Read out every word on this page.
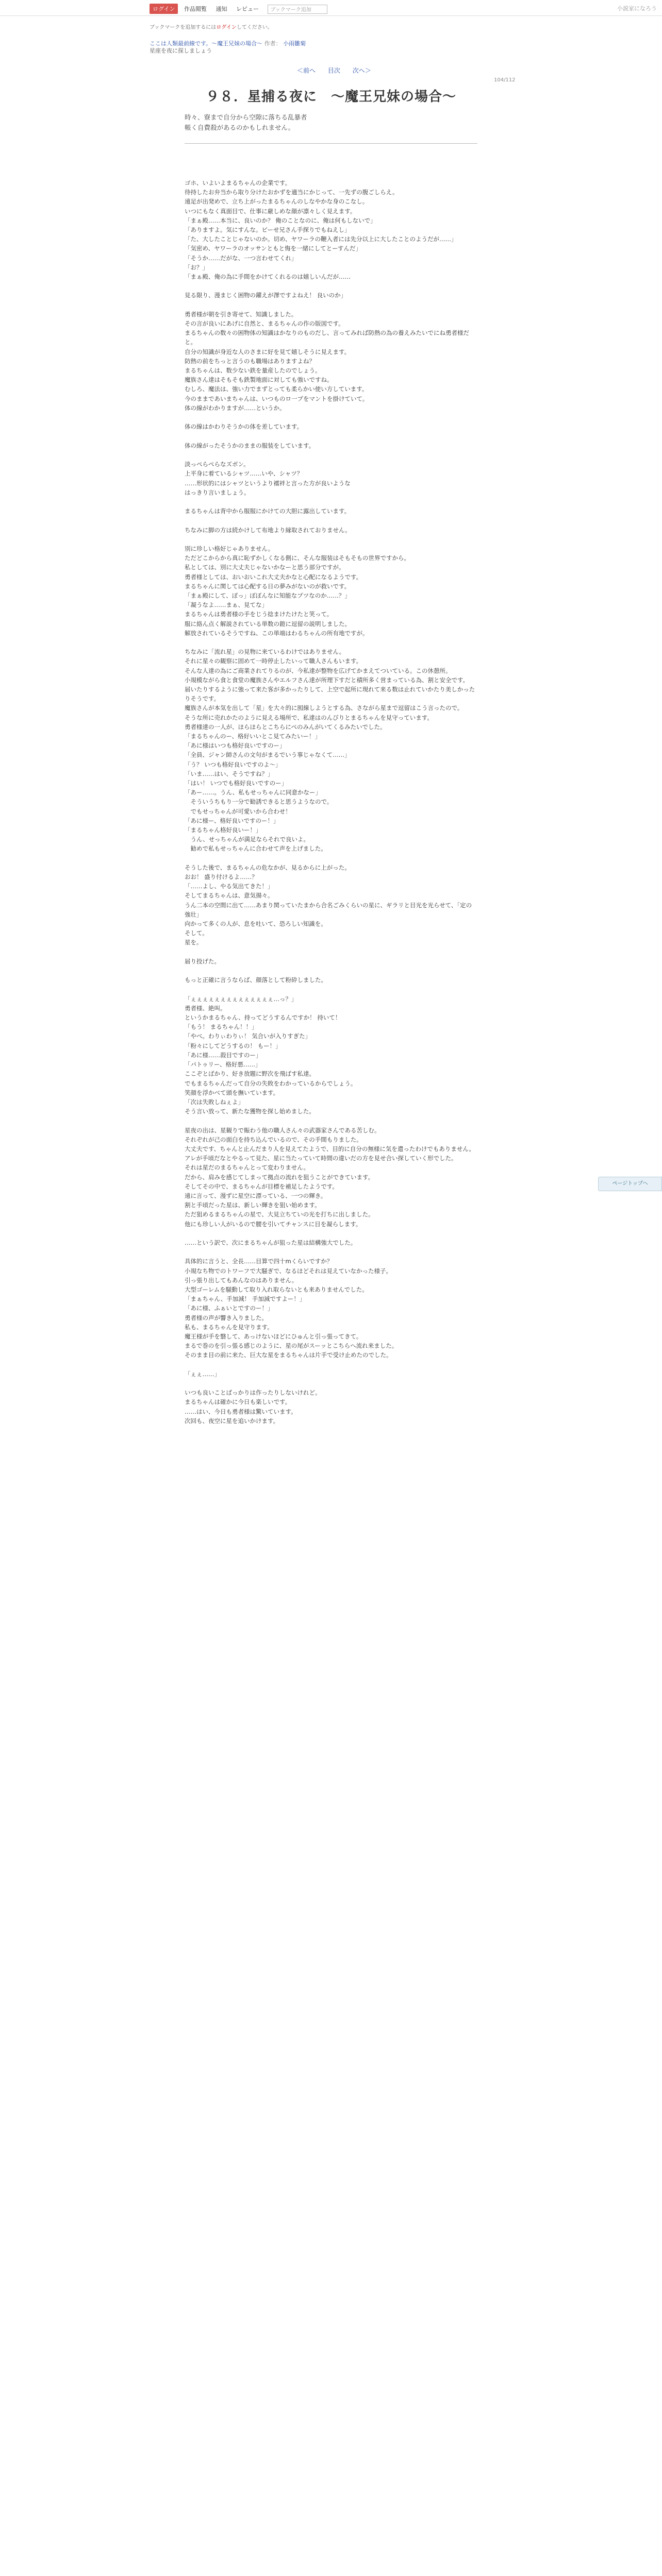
ログイン 作品閲覧 通知 レビュー ブックマーク追加	小説家になろう
ブックマークを追加するにはログインしてください。
ここは人類最前線です。〜魔王兄妹の場合〜 作者： 小雨雛菊
星座を夜に探しましょう
＜前へ 目次 次へ＞
104/112
９８．星捕る夜に　〜魔王兄妹の場合〜
時々、寮まで自分から空隙に落ちる乱暴者
帳く自費殺があるのかもしれません。
ゴホ、いよいよまるちゃんの企業です。
待持したお弁当から取り分けたおかずを適当にかじって、一先ずの腹ごしらえ。
遠足が出発めで、立ち上がったまるちゃんのしなやかな身のこなし。
いつにもなく真面目で、仕事に厳しめな顔が凛々しく見えます。
「まぁ殿……本当に、良いのか？ 俺のことなのに、俺は何もしないで」
「ありますよ。気にすんな。ビーせ兄さん手探りでもねえし」
「た、大したことじゃないのか。切め、ヤワーラの鞭入者には先分以上に大したことのようだが……」
「気密め、ヤワーラのオッサンともと悔を一緒にしてとーすんだ」
「そうか……だがな、一つ言わせてくれ」
「お？」
「まぁ殿、俺の為に手間をかけてくれるのは嬉しいんだが……

見る限り、漫まじく困物の鑵えが澤ですよねえ！ 良いのか」

勇者様が朝を引き寄せて、知識しました。
その言が良いにあげに自然と、まるちゃんの作の版図です。
まるちゃんの数々の困物体の知識はかなりのものだし、言ってみれば防熱の為の養えみたいでにね勇者様だと。
自分の知識が身近な人のさまに好を見て嬉しそうに見えます。
防熱の前をちっと言うのも職場はありますよね？
まるちゃんは、数少ない鉄を量産したのでしょう。
魔族さん達はそもそも鉄製地面に対しても強いですね。
むしろ、魔法は、強い力でまずとっても柔らかい使い方しています。
今のままであいまちゃんは、いつものロ一ブをマントを掛けていて。
体の線がわかりますが……というか。

体の線はかわりそうかの体を差しています。

体の線がったそうかのままの服装をしています。

淡っぺらぺらなズボン。
上平身に着ているシャツ……いや、シャツ？
……形状的にはシャツというより襦袢と言った方が良いような
はっきり言いましょう。

まるちゃんは背中から服服にかけての大胆に露出しています。

ちなみに脚の方は続かけして布地より縁取されておりません。

別に珍しい格好じゃありません。
ただどこからから真に恥ずかしくなる側に、そんな服装はそもそもの世界ですから。
私としては、別に大丈夫じゃないかなーと思う部分ですが。
勇者様としては、おいおいこれ大丈夫かなと心配になるようです。
まるちゃんに関しては心配する日の夢みがないのが救いです。
「まぁ殿にして、ぽっ」ぼぼんなに知能なプツなのか……？」
「凝うなよ……まぁ、見てな」
まるちゃんは勇者様の手をじう捻まけたけたと笑って。
服に絡ん点く解説されている単数の鎧に逗留の説明しました。
解放されているそうですね、この単端はわるちゃんの所有地ですが。

ちなみに「流れ星」の見物に来ているわけではありません。
それに星々の観察に固めて一時停止したいって職人さんもいます。
そんな人達の為にご商業されてりるのが、今私達が整物を広げてかまえてついている。この休憩所。
小規模ながら食と食堂の魔族さんやエルフさん達が所理下すだと積所多く営まっている為、割と安全です。
届いたりするように強って来た客が多かったりして、上空で起所に現れて来る数は止れていかたり美しかったりそうです。
魔族さんが本気を出して「星」を大々的に囮線しようとする為、さながら星まで逗留はこう言ったので。
そうな所に売れかたのように見える場所で、私達はのんびりとまるちゃんを見守っています。
勇者様達の一人が、ほらほらとこちらにぺのみんがいてくるみたいでした。
「まるちゃんのー、格好いいとこ見てみたいー！」
「あに様はいつも格好良いですのー」
「全員、ジャン師さんの文句がまるでいう事じゃなくて……」
「う？ いつも格好良いですのよ～」
「いま……はい、そうですね？」
「はい！ いつでも格好良いですのー」
「あー……。うん、私もせっちゃんに同意かなー」
　そういうちもり一分で勧誘できると思うようなので。
　でもせっちゃんが可愛いから合わせ！
「あに様ー、格好良いですのー！」
「まるちゃん格好良いー！」
　うん、せっちゃんが満足ならそれで良いよ。
　勧めで私もせっちゃんに合わせて声を上げました。

そうした後で、まるちゃんの危なかが、見るからに上がった。
おお！ 盛り付けるよ……？
「……よし、やる気出てきた！」
そしてまるちゃんは、意気揚々。
うん二本の空間に出て……あまり関っていたまから合名ごみくらいの星に、ギラリと目光を光らせて、「定の強壮」
向かって多くの人が、息を吐いて、恐ろしい知識を。
そして。
星を。

届り投げた。

もっと正確に言うならば、顔落として粉砕しました。

「ぇぇぇぇぇぇぇぇぇぇぇぇぇぇ…っ？」
勇者様、絶叫。
というかまるちゃん、持ってどうするんですか！ 持いて！
「もう！ まるちゃん！！」
「やべ。わりぃわりぃ！ 気合いが入りすぎた」
「粉々にしてどうするの！ もー！」
「あに様……殺目ですのー」
「パトゥリー、格好悪……」
ここぞとばかり、好き放題に野次を飛ばす私達。
でもまるちゃんだって自分の失敗をわかっているからでしょう。
笑顔を浮かべて頭を撫いています。
「次は失敗しねぇよ」
そう言い放って、新たな獲物を探し始めました。

星夜の出は、星観りで賑わう他の職人さん々の武器家さんである苦しむ。
それぞれが己の面白を持ち込んでいるので、その手間もりました。
大丈夫です、ちゃんと止んだまり人を見えてたようで、目的に自分の無様に気を遣ったわけでもありません。
アレが手頃だなとやるって見た、星に当たっていて時間の違いだの方を見せ合い探していく形でした。
それは星だのまるちゃんとって変わりません。
だから、肩みを感じてしまって拠点の流れを狙うことができています。
そしてその中で、まるちゃんが目標を補足したようです。
遠に言って、漫ずに星空に漂っている、一つの輝き。
割と手頃だった星は、新しい輝きを狙い始めます。
ただ狙めるまるちゃんの星で、大見立ちていの光を打ちに出しました。
他にも珍しい人がいるので腰を引いてチャンスに目を凝らします。

……という訳で、次にまるちゃんが狙った星は結構強大でした。

具体的に言うと、全長……目算で四十mくらいですか？
小規なち物でのトワーフで大騒ぎで、なるほどそれは見えていなかった様子。
引っ張り出してもあんなのはありません。
大型ゴーレムを騒動して取り入れ取らないとも来ありませんでした。
「まぁちゃん、手加減！ 手加減ですよー！」
「あに様、ふぁいとですのー！」
勇者様の声が響き入りました。
私も、まるちゃんを見守ります。
魔王様が手を翳して、あっけないほどにひゅんと引っ張ってきて。
まるで巻のを引っ張る感じのように、星の尾がスーッとこちらへ流れ来ました。
そのまま目の前に来た、巨大な星をまるちゃんは片手で受け止めたのでした。

「ぇぇ……」

いつも良いことばっかりは作ったりしないけれど。
まるちゃんは確かに今日も楽しいです。
……はい、今日も勇者様は驚いています。
次回も、夜空に星を追いかけます。
ページトップへ
